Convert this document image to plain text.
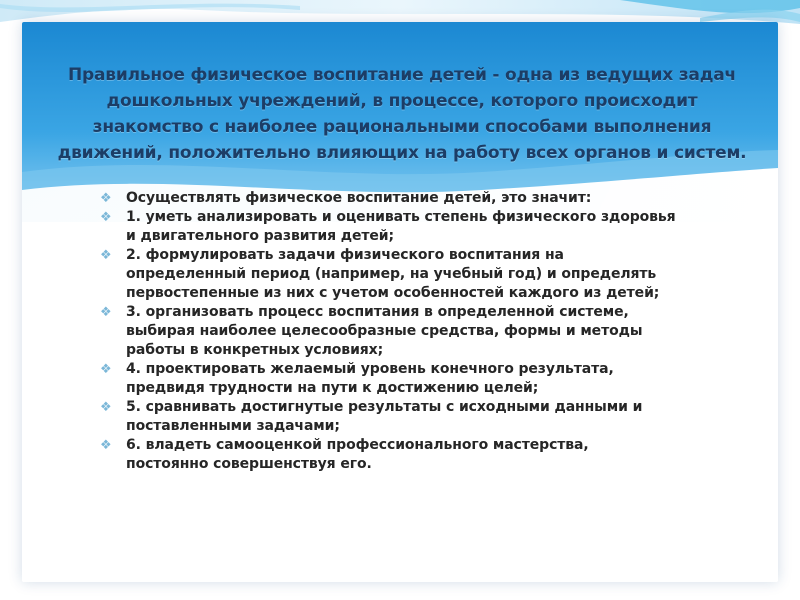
Правильное физическое воспитание детей - одна из ведущих задач
дошкольных учреждений, в процессе, которого происходит
знакомство с наиболее рациональными способами выполнения
движений, положительно влияющих на работу всех органов и систем.
❖	Осуществлять физическое воспитание детей, это значит:
❖	1. уметь анализировать и оценивать степень физического здоровья
и двигательного развития детей;
❖	2. формулировать задачи физического воспитания на
определенный период (например, на учебный год) и определять
первостепенные из них с учетом особенностей каждого из детей;
❖	3. организовать процесс воспитания в определенной системе,
выбирая наиболее целесообразные средства, формы и методы
работы в конкретных условиях;
❖	4. проектировать желаемый уровень конечного результата,
предвидя трудности на пути к достижению целей;
❖	5. сравнивать достигнутые результаты с исходными данными и
поставленными задачами;
❖	6. владеть самооценкой профессионального мастерства,
постоянно совершенствуя его.
